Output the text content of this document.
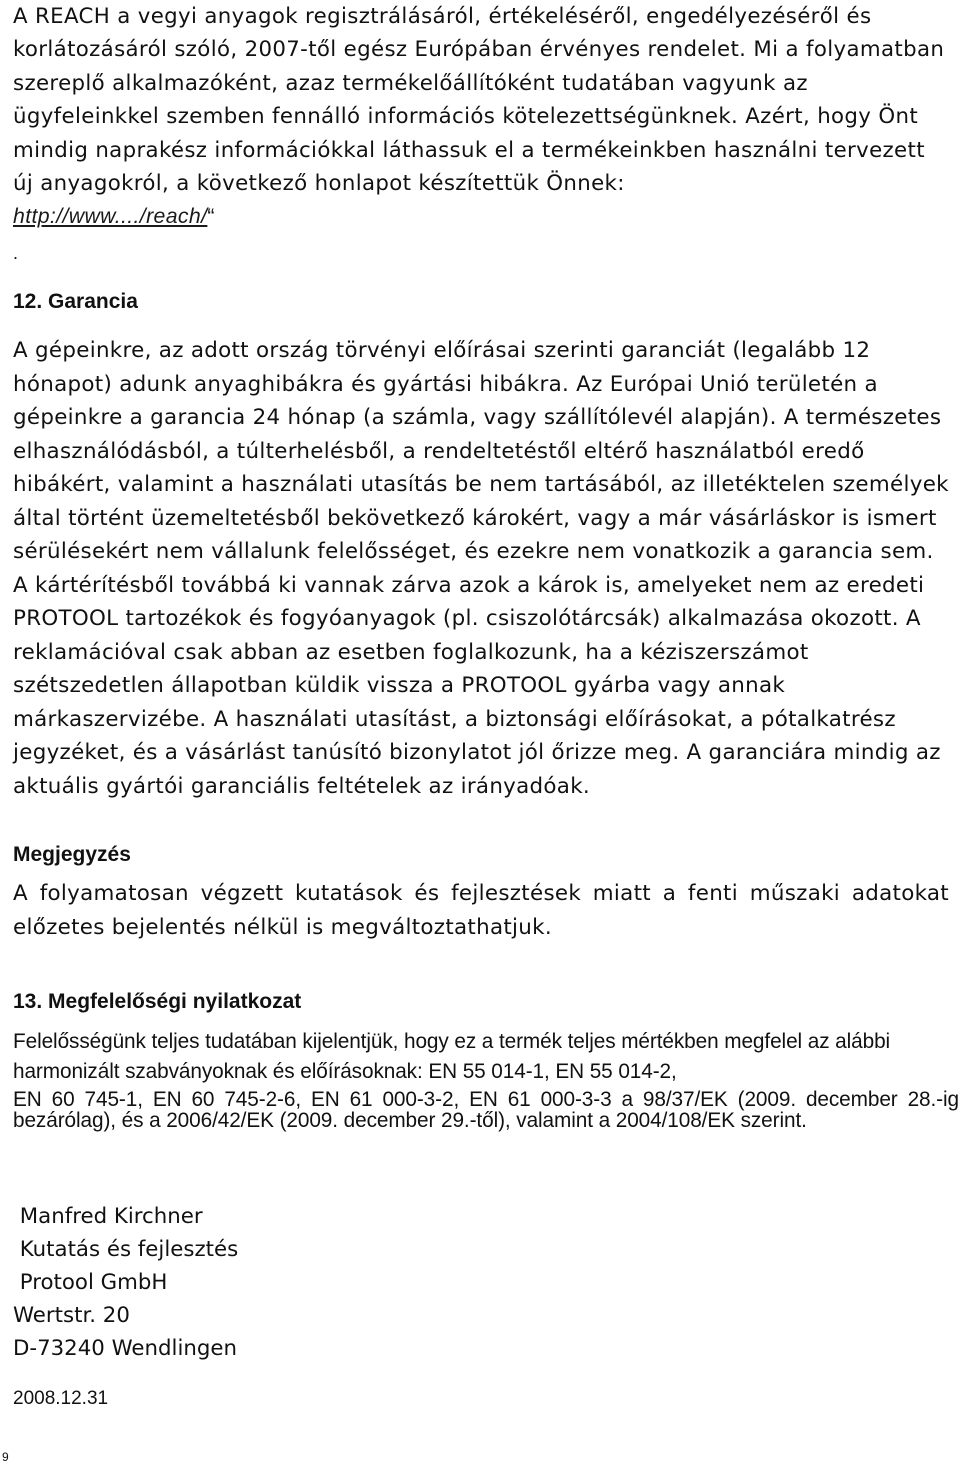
A REACH a vegyi anyagok regisztrálásáról, értékeléséről, engedélyezéséről és korlátozásáról szóló, 2007-től egész Európában érvényes rendelet. Mi a folyamatban szereplő alkalmazóként, azaz termékelőállítóként tudatában vagyunk az ügyfeleinkkel szemben fennálló információs kötelezettségünknek. Azért, hogy Önt mindig naprakész információkkal láthassuk el a termékeinkben használni tervezett új anyagokról, a következő honlapot készítettük Önnek:
http://www..../reach/“

.
12. Garancia

A gépeinkre, az adott ország törvényi előírásai szerinti garanciát (legalább 12 hónapot) adunk anyaghibákra és gyártási hibákra. Az Európai Unió területén a gépeinkre a garancia 24 hónap (a számla, vagy szállítólevél alapján). A természetes elhasználódásból, a túlterhelésből, a rendeltetéstől eltérő használatból eredő hibákért, valamint a használati utasítás be nem tartásából, az illetéktelen személyek által történt üzemeltetésből bekövetkező károkért, vagy a már vásárláskor is ismert sérülésekért nem vállalunk felelősséget, és ezekre nem vonatkozik a garancia sem. A kártérítésből továbbá ki vannak zárva azok a károk is, amelyeket nem az eredeti PROTOOL tartozékok és fogyóanyagok (pl. csiszolótárcsák) alkalmazása okozott. A reklamációval csak abban az esetben foglalkozunk, ha a kéziszerszámot szétszedetlen állapotban küldik vissza a PROTOOL gyárba vagy annak márkaszervizébe. A használati utasítást, a biztonsági előírásokat, a pótalkatrész jegyzéket, és a vásárlást tanúsító bizonylatot jól őrizze meg. A garanciára mindig az aktuális gyártói garanciális feltételek az irányadóak.

Megjegyzés

A folyamatosan végzett kutatások és fejlesztések miatt a fenti műszaki adatokat előzetes bejelentés nélkül is megváltoztathatjuk.

13. Megfelelőségi nyilatkozat

Felelősségünk teljes tudatában kijelentjük, hogy ez a termék teljes mértékben megfelel az alábbi harmonizált szabványoknak és előírásoknak: EN 55 014-1, EN 55 014-2,

EN 60 745-1, EN 60 745-2-6, EN 61 000-3-2, EN 61 000-3-3 a 98/37/EK (2009. december 28.-ig bezárólag), és a 2006/42/EK (2009. december 29.-től), valamint a 2004/108/EK szerint.

Manfred Kirchner
Kutatás és fejlesztés
Protool GmbH
Wertstr. 20
D-73240 Wendlingen
2008.12.31
9
